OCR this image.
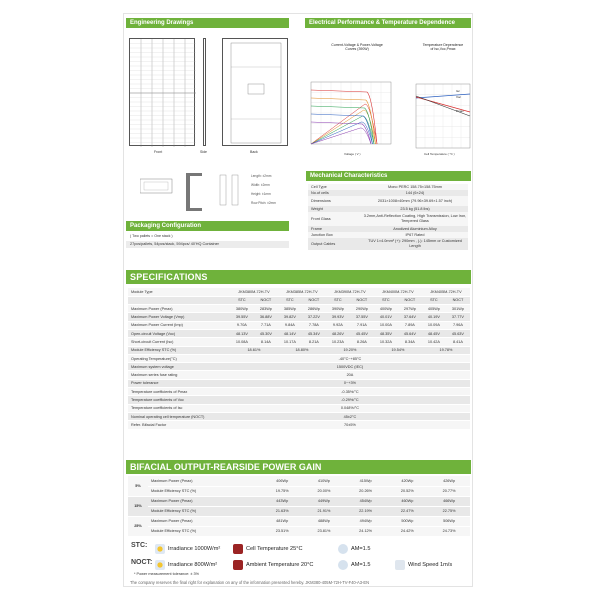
Engineering Drawings
Front	Side	Back
Length: ±2mm
Width: ±2mm
Height: ±1mm
Row Pitch: ±2mm
Packaging Configuration
( Two pallets = One stack )
27pcs/pallets, 54pcs/stack, 594pcs/ 40'HQ Container
Electrical Performance & Temperature Dependence
Current-Voltage & Power-Voltage
Curves (390W)
Voltage ( V )
Temperature Dependence
of Isc,Voc,Pmax
Isc
Voc
Pmax
Cell Temperature ( °C )
Mechanical Characteristics
Cell Type	Mono PERC 158.75×158.75mm
No.of cells	144 (6×24)
Dimensions	2031×1008×40mm (79.96×39.69×1.57 inch)
Weight	23.5 kg (51.8 lbs)
Front Glass
3.2mm,Anti-Reflection Coating, High Transmission, Low Iron, Tempered Glass
Frame	Anodized Aluminium Alloy
Junction Box	IP67 Rated
Output Cables
TUV 1×4.0mm² (+): 290mm , (-): 145mm or Customized Length
SPECIFICATIONS
Module Type	JKM380M-72H-TV		JKM385M-72H-TV		JKM390M-72H-TV		JKM400M-72H-TV		JKM405M-72H-TV	
	STC	NOCT	STC	NOCT	STC	NOCT	STC	NOCT	STC	NOCT
Maximum Power (Pmax)	380Wp	283Wp	385Wp	286Wp	390Wp	290Wp	400Wp	297Wp	405Wp	301Wp
Maximum Power Voltage (Vmp)	39.55V	36.88V	39.82V	37.22V	39.93V	37.55V	40.01V	37.64V	40.19V	37.77V
Maximum Power Current (Imp)	9.70A	7.71A	9.84A	7.78A	9.92A	7.91A	10.00A	7.89A	10.09A	7.96A
Open-circuit Voltage (Voc)	48.13V	45.30V	48.14V	45.34V	48.26V	45.45V	48.35V	45.64V	48.45V	45.63V
Short-circuit Current (Isc)	10.08A	8.14A	10.17A	8.21A	10.23A	8.26A	10.32A	8.34A	10.42A	8.41A
Module Efficiency STC (%)	18.61%		18.80%		19.20%		19.54%		19.78%	
Operating Temperature(°C)	-40°C~+85°C									
Maximum system voltage	1500VDC (IEC)									
Maximum series fuse rating	20A									
Power tolerance	0~+3%									
Temperature coefficients of Pmax	-0.35%/°C									
Temperature coefficients of Voc	-0.29%/°C									
Temperature coefficients of Isc	0.048%/°C									
Nominal operating cell temperature (NOCT)	45±2°C									
Refer. Bifacial Factor	70±5%									
BIFACIAL OUTPUT-REARSIDE POWER GAIN
5%	Maximum Power (Pmax)	406Wp	410Wp	415Wp	420Wp	426Wp
	Module Efficiency STC (%)	19.75%	20.00%	20.26%	20.52%	20.77%
15%	Maximum Power (Pmax)	443Wp	449Wp	454Wp	460Wp	466Wp
	Module Efficiency STC (%)	21.63%	21.91%	22.19%	22.47%	22.75%
25%	Maximum Power (Pmax)	481Wp	488Wp	494Wp	500Wp	506Wp
	Module Efficiency STC (%)	23.51%	23.81%	24.12%	24.42%	24.73%
STC:	Irradiance 1000W/m²	Cell Temperature 25°C	AM=1.5
NOCT:	Irradiance 800W/m²	Ambient Temperature 20°C	AM=1.5	Wind Speed 1m/s
* Power measurement tolerance: ± 3%
The company reserves the final right for explanation on any of the information presented hereby. JKM380-405M-72H-TV-F40-A3-EN
